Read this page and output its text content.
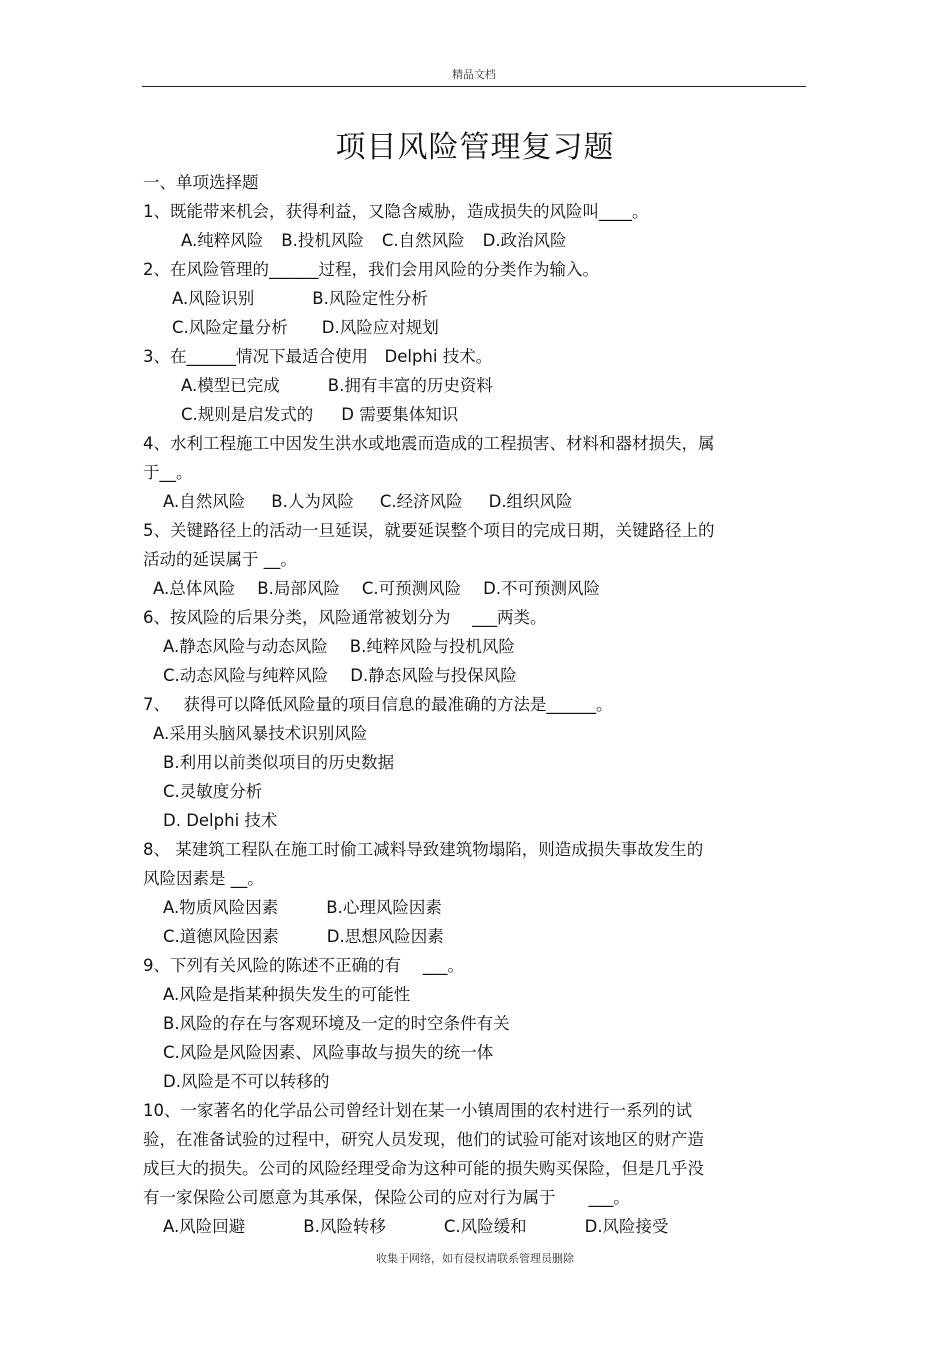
精品文档
项目风险管理复习题
一、单项选择题
1、既能带来机会，获得利益，又隐含威胁，造成损失的风险叫____。
A.纯粹风险 B.投机风险 C.自然风险 D.政治风险
2、在风险管理的______过程，我们会用风险的分类作为输入。
A.风险识别	B.风险定性分析
C.风险定量分析 D.风险应对规划
3、在______情况下最适合使用　Delphi 技术。
A.模型已完成	B.拥有丰富的历史资料
C.规则是启发式的 D 需要集体知识
4、水利工程施工中因发生洪水或地震而造成的工程损害、材料和器材损失，属
于__。
A.自然风险 B.人为风险 C.经济风险 D.组织风险
5、关键路径上的活动一旦延误，就要延误整个项目的完成日期，关键路径上的
活动的延误属于 __。
A.总体风险 B.局部风险 C.可预测风险 D.不可预测风险
6、按风险的后果分类，风险通常被划分为　 ___两类。
A.静态风险与动态风险 B.纯粹风险与投机风险
C.动态风险与纯粹风险 D.静态风险与投保风险
7、　 获得可以降低风险量的项目信息的最准确的方法是______。
A.采用头脑风暴技术识别风险
B.利用以前类似项目的历史数据
C.灵敏度分析
D. Delphi 技术
8、 某建筑工程队在施工时偷工减料导致建筑物塌陷，则造成损失事故发生的
风险因素是 __。
A.物质风险因素	B.心理风险因素
C.道德风险因素	D.思想风险因素
9、下列有关风险的陈述不正确的有　 ___。
A.风险是指某种损失发生的可能性
B.风险的存在与客观环境及一定的时空条件有关
C.风险是风险因素、风险事故与损失的统一体
D.风险是不可以转移的
10、一家著名的化学品公司曾经计划在某一小镇周围的农村进行一系列的试
验，在准备试验的过程中，研究人员发现，他们的试验可能对该地区的财产造
成巨大的损失。公司的风险经理受命为这种可能的损失购买保险，但是几乎没
有一家保险公司愿意为其承保，保险公司的应对行为属于　　___。
A.风险回避	B.风险转移	C.风险缓和	D.风险接受
收集于网络，如有侵权请联系管理员删除
